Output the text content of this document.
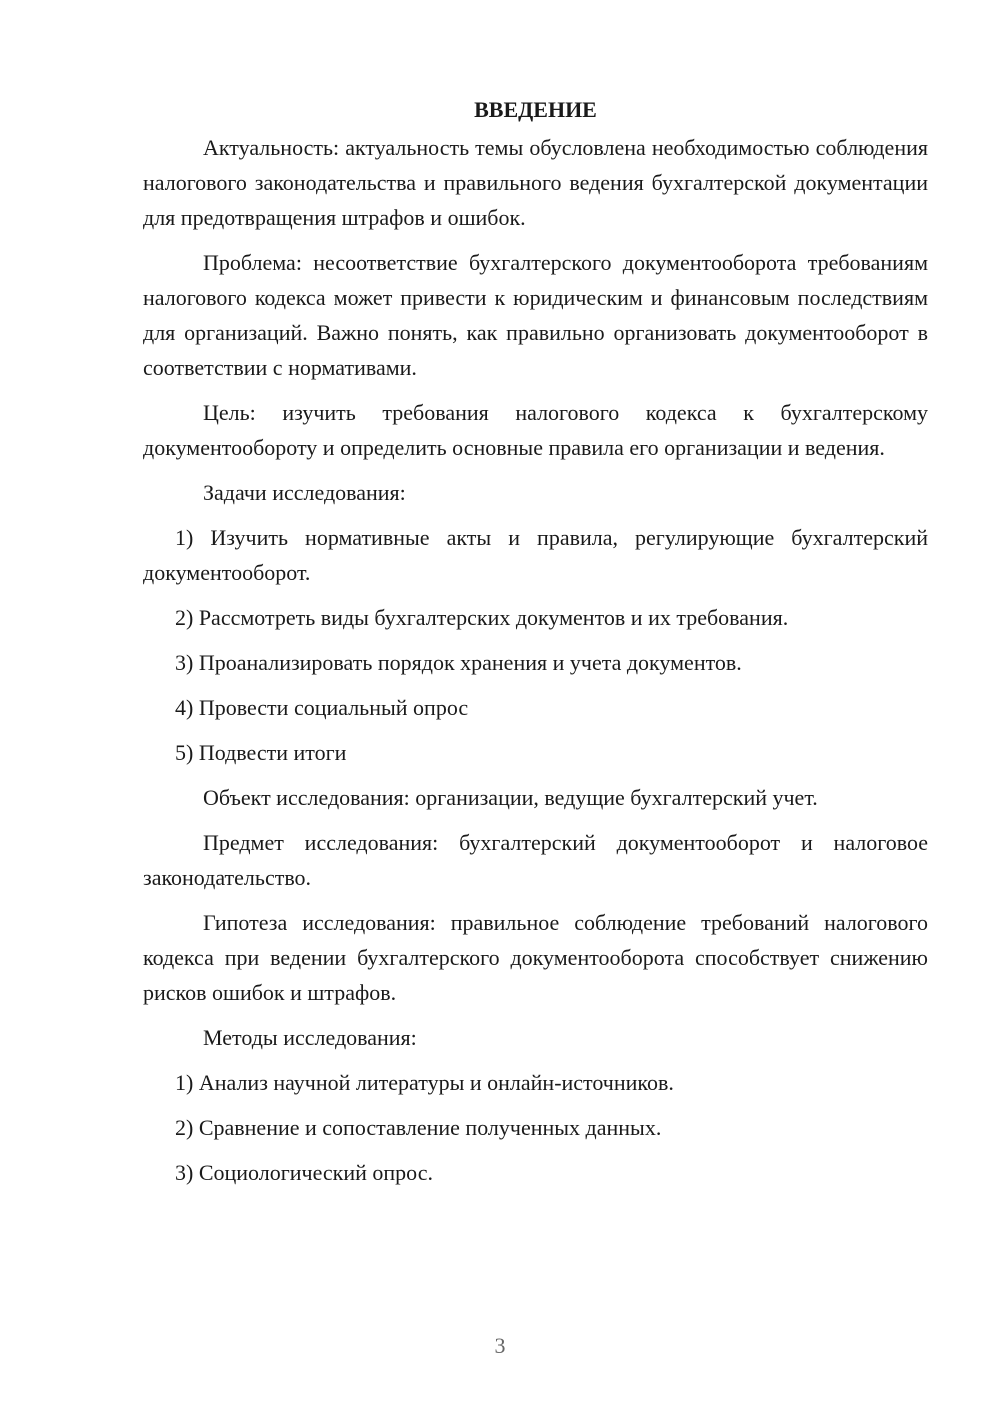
ВВЕДЕНИЕ

Актуальность: актуальность темы обусловлена необходимостью соблюдения налогового законодательства и правильного ведения бухгалтерской документации для предотвращения штрафов и ошибок.

Проблема: несоответствие бухгалтерского документооборота требованиям налогового кодекса может привести к юридическим и финансовым последствиям для организаций. Важно понять, как правильно организовать документооборот в соответствии с нормативами.

Цель: изучить требования налогового кодекса к бухгалтерскому документообороту и определить основные правила его организации и ведения.

Задачи исследования:

1) Изучить нормативные акты и правила, регулирующие бухгалтерский документооборот.

2) Рассмотреть виды бухгалтерских документов и их требования.

3) Проанализировать порядок хранения и учета документов.

4) Провести социальный опрос

5) Подвести итоги

Объект исследования: организации, ведущие бухгалтерский учет.

Предмет исследования: бухгалтерский документооборот и налоговое законодательство.

Гипотеза исследования: правильное соблюдение требований налогового кодекса при ведении бухгалтерского документооборота способствует снижению рисков ошибок и штрафов.

Методы исследования:

1) Анализ научной литературы и онлайн-источников.

2) Сравнение и сопоставление полученных данных.

3) Социологический опрос.

3
